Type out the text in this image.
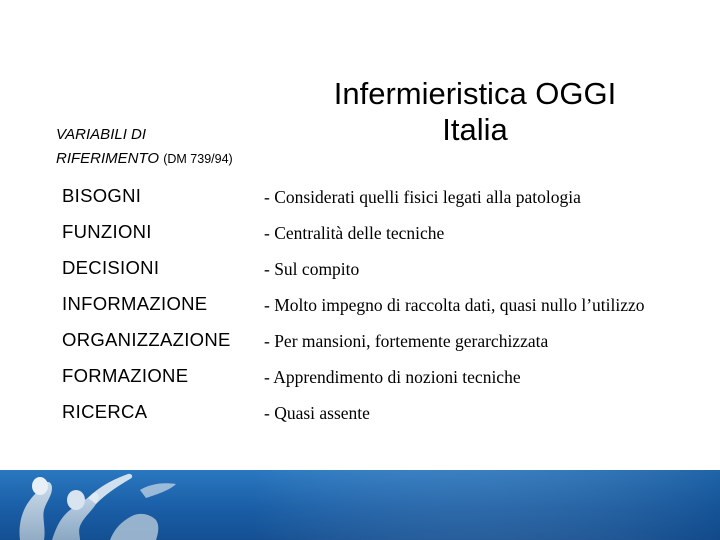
Infermieristica OGGI
Italia
VARIABILI DI
RIFERIMENTO (DM 739/94)
BISOGNI	- Considerati quelli fisici legati alla patologia
FUNZIONI	- Centralità delle tecniche
DECISIONI	- Sul compito
INFORMAZIONE	- Molto impegno di raccolta dati, quasi nullo l’utilizzo
ORGANIZZAZIONE - Per mansioni, fortemente gerarchizzata
FORMAZIONE	- Apprendimento di nozioni tecniche
RICERCA	- Quasi assente
